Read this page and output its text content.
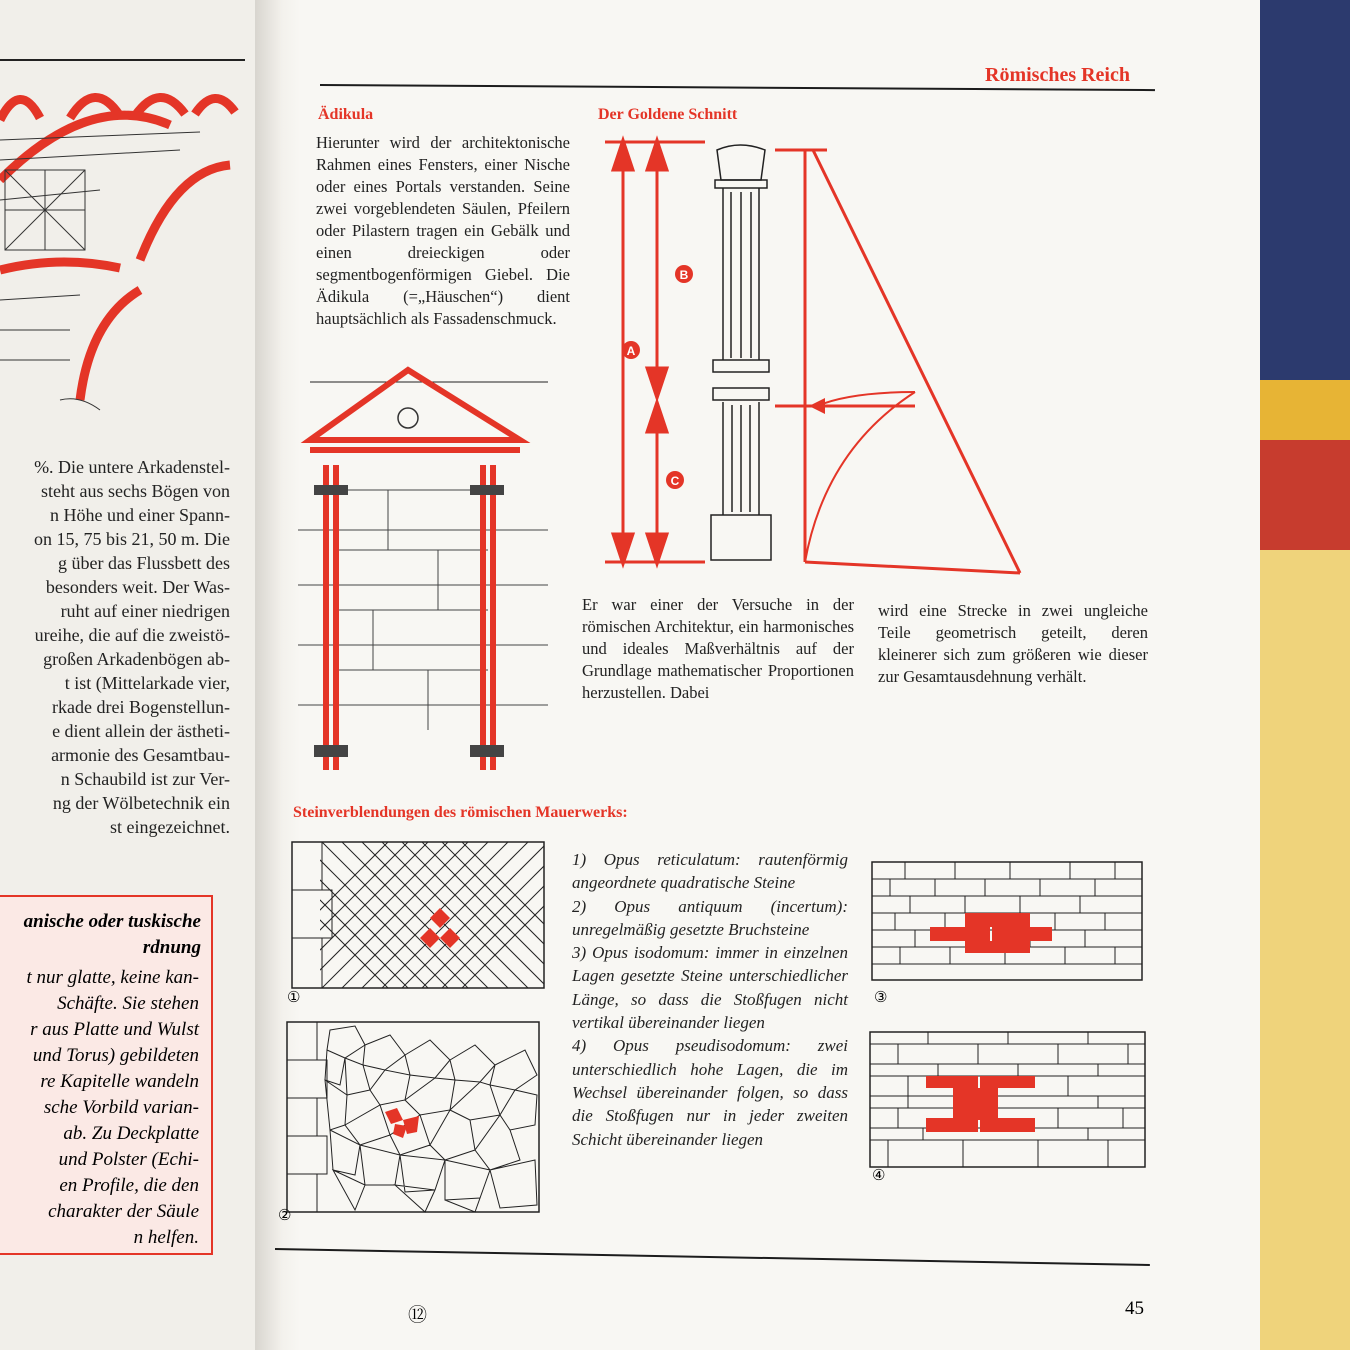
%. Die untere Arkadenstel-
steht aus sechs Bögen von
n Höhe und einer Spann-
on 15, 75 bis 21, 50 m. Die
g über das Flussbett des
besonders weit. Der Was-
ruht auf einer niedrigen
ureihe, die auf die zweistö-
großen Arkadenbögen ab-
t ist (Mittelarkade vier,
rkade drei Bogenstellun-
e dient allein der ästheti-
armonie des Gesamtbau-
n Schaubild ist zur Ver-
ng der Wölbetechnik ein
st eingezeichnet.
anische oder tuskische
rdnung
t nur glatte, keine kan-
Schäfte. Sie stehen
r aus Platte und Wulst
und Torus) gebildeten
re Kapitelle wandeln
sche Vorbild varian-
ab. Zu Deckplatte
und Polster (Echi-
en Profile, die den
charakter der Säule
n helfen.
Römisches Reich
Ädikula
Hierunter wird der architektonische Rahmen eines Fensters, einer Nische oder eines Portals verstanden. Seine zwei vorgeblendeten Säulen, Pfeilern oder Pilastern tragen ein Gebälk und einen dreieckigen oder segmentbogenförmigen Giebel. Die Ädikula (=„Häuschen“) dient hauptsächlich als Fassadenschmuck.
Der Goldene Schnitt
A
B
C
Er war einer der Versuche in der römischen Architektur, ein harmonisches und ideales Maßverhältnis auf der Grundlage mathematischer Proportionen herzustellen. Dabei
wird eine Strecke in zwei ungleiche Teile geometrisch geteilt, deren kleinerer sich zum größeren wie dieser zur Gesamtausdehnung verhält.
Steinverblendungen des römischen Mauerwerks:
①
②

1) Opus reticulatum: rautenförmig angeordnete quadratische Steine

2) Opus antiquum (incertum): unregelmäßig gesetzte Bruchsteine

3) Opus isodomum: immer in einzelnen Lagen gesetzte Steine unterschiedlicher Länge, so dass die Stoßfugen nicht vertikal übereinander liegen

4) Opus pseudisodomum: zwei unterschiedlich hohe Lagen, die im Wechsel übereinander folgen, so dass die Stoßfugen nur in jeder zweiten Schicht übereinander liegen

③
④
⑫	45
